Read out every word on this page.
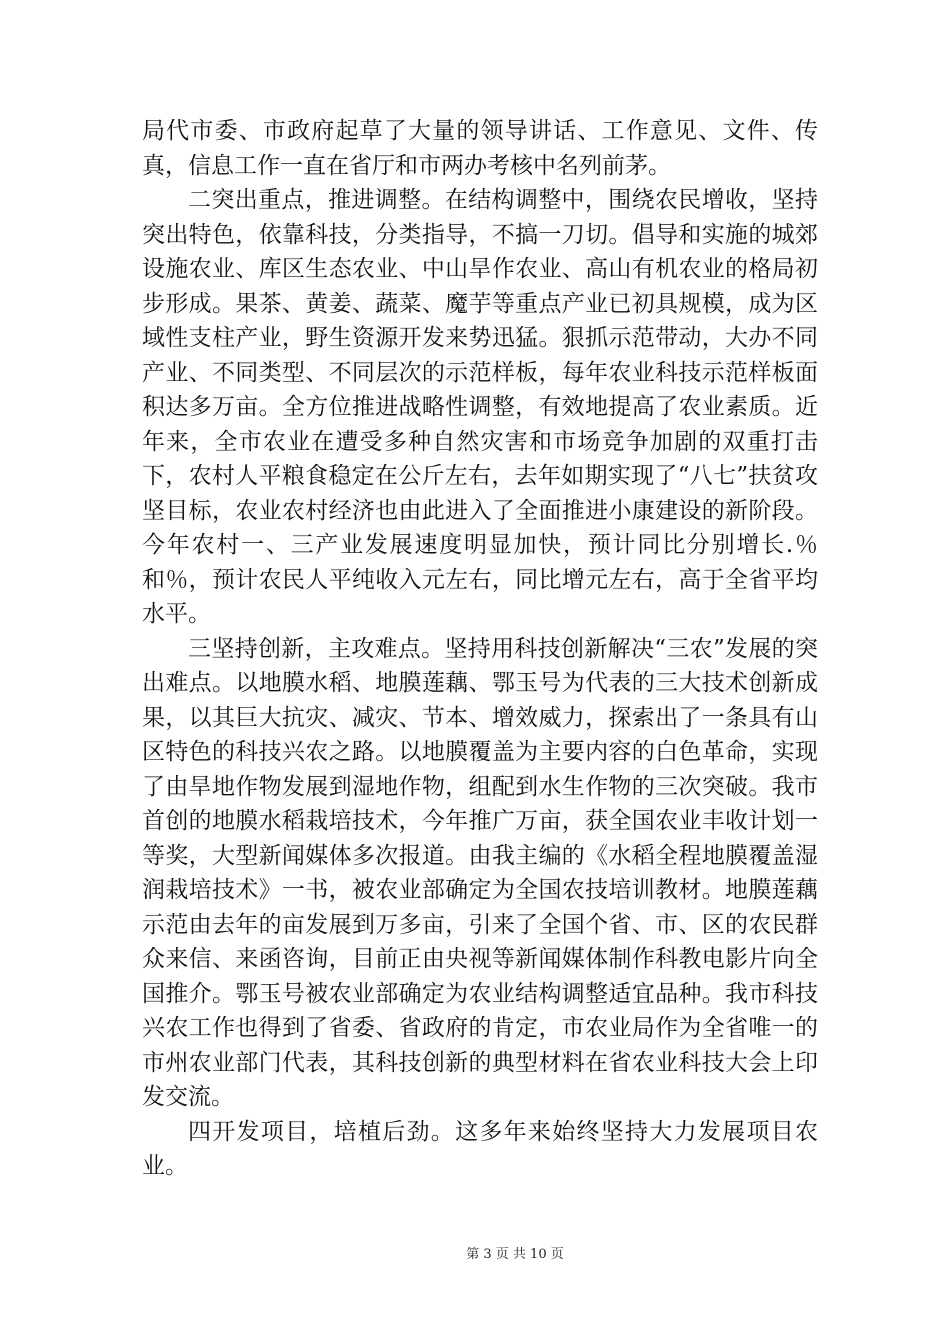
局代市委、市政府起草了大量的领导讲话、工作意见、文件、传真，信息工作一直在省厅和市两办考核中名列前茅。

二突出重点，推进调整。在结构调整中，围绕农民增收，坚持突出特色，依靠科技，分类指导，不搞一刀切。倡导和实施的城郊设施农业、库区生态农业、中山旱作农业、高山有机农业的格局初步形成。果茶、黄姜、蔬菜、魔芋等重点产业已初具规模，成为区域性支柱产业，野生资源开发来势迅猛。狠抓示范带动，大办不同产业、不同类型、不同层次的示范样板，每年农业科技示范样板面积达多万亩。全方位推进战略性调整，有效地提高了农业素质。近年来，全市农业在遭受多种自然灾害和市场竞争加剧的双重打击下，农村人平粮食稳定在公斤左右，去年如期实现了“八七”扶贫攻坚目标，农业农村经济也由此进入了全面推进小康建设的新阶段。今年农村一、三产业发展速度明显加快，预计同比分别增长.％和％，预计农民人平纯收入元左右，同比增元左右，高于全省平均水平。

三坚持创新，主攻难点。坚持用科技创新解决“三农”发展的突出难点。以地膜水稻、地膜莲藕、鄂玉号为代表的三大技术创新成果，以其巨大抗灾、减灾、节本、增效威力，探索出了一条具有山区特色的科技兴农之路。以地膜覆盖为主要内容的白色革命，实现了由旱地作物发展到湿地作物，组配到水生作物的三次突破。我市首创的地膜水稻栽培技术，今年推广万亩，获全国农业丰收计划一等奖，大型新闻媒体多次报道。由我主编的《水稻全程地膜覆盖湿润栽培技术》一书，被农业部确定为全国农技培训教材。地膜莲藕示范由去年的亩发展到万多亩，引来了全国个省、市、区的农民群众来信、来函咨询，目前正由央视等新闻媒体制作科教电影片向全国推介。鄂玉号被农业部确定为农业结构调整适宜品种。我市科技兴农工作也得到了省委、省政府的肯定，市农业局作为全省唯一的市州农业部门代表，其科技创新的典型材料在省农业科技大会上印发交流。

四开发项目，培植后劲。这多年来始终坚持大力发展项目农业。

第 3 页 共 10 页
